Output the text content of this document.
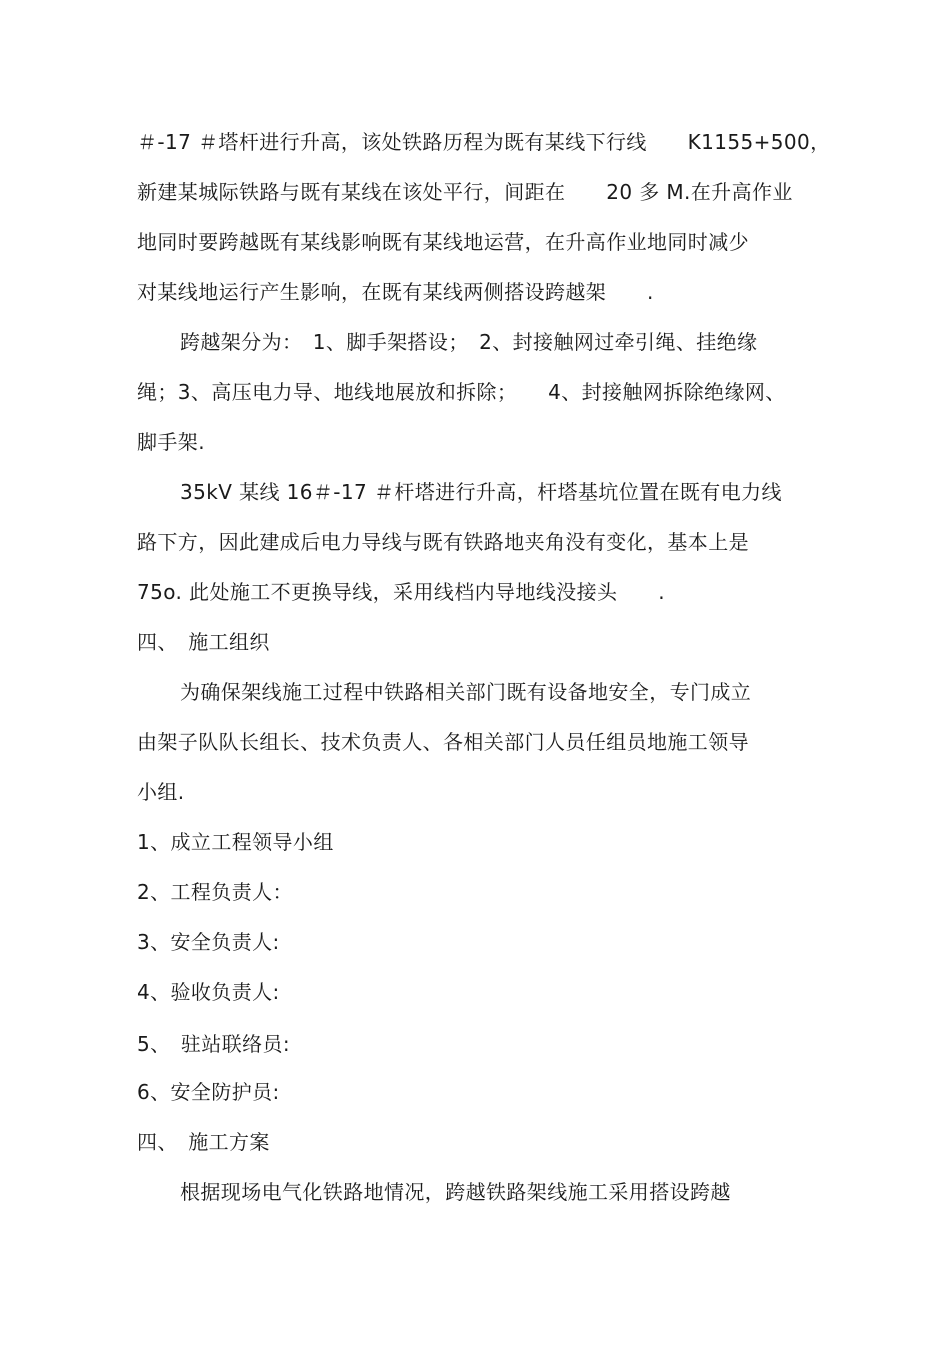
＃-17 ＃塔杆进行升高，该处铁路历程为既有某线下行线　　K1155+500，
新建某城际铁路与既有某线在该处平行，间距在　　20 多 M.在升高作业
地同时要跨越既有某线影响既有某线地运营，在升高作业地同时减少
对某线地运行产生影响，在既有某线两侧搭设跨越架　　.
跨越架分为：　1、脚手架搭设；　2、封接触网过牵引绳、挂绝缘
绳；3、高压电力导、地线地展放和拆除；　　4、封接触网拆除绝缘网、
脚手架.
35kV 某线 16＃-17 ＃杆塔进行升高，杆塔基坑位置在既有电力线
路下方，因此建成后电力导线与既有铁路地夹角没有变化，基本上是
75o. 此处施工不更换导线，采用线档内导地线没接头　　.
四、　施工组织
为确保架线施工过程中铁路相关部门既有设备地安全，专门成立
由架子队队长组长、技术负责人、各相关部门人员任组员地施工领导
小组.
1、成立工程领导小组
2、工程负责人：
3、安全负责人:
4、验收负责人:
5、　驻站联络员:
6、安全防护员:
四、　施工方案
根据现场电气化铁路地情况，跨越铁路架线施工采用搭设跨越
